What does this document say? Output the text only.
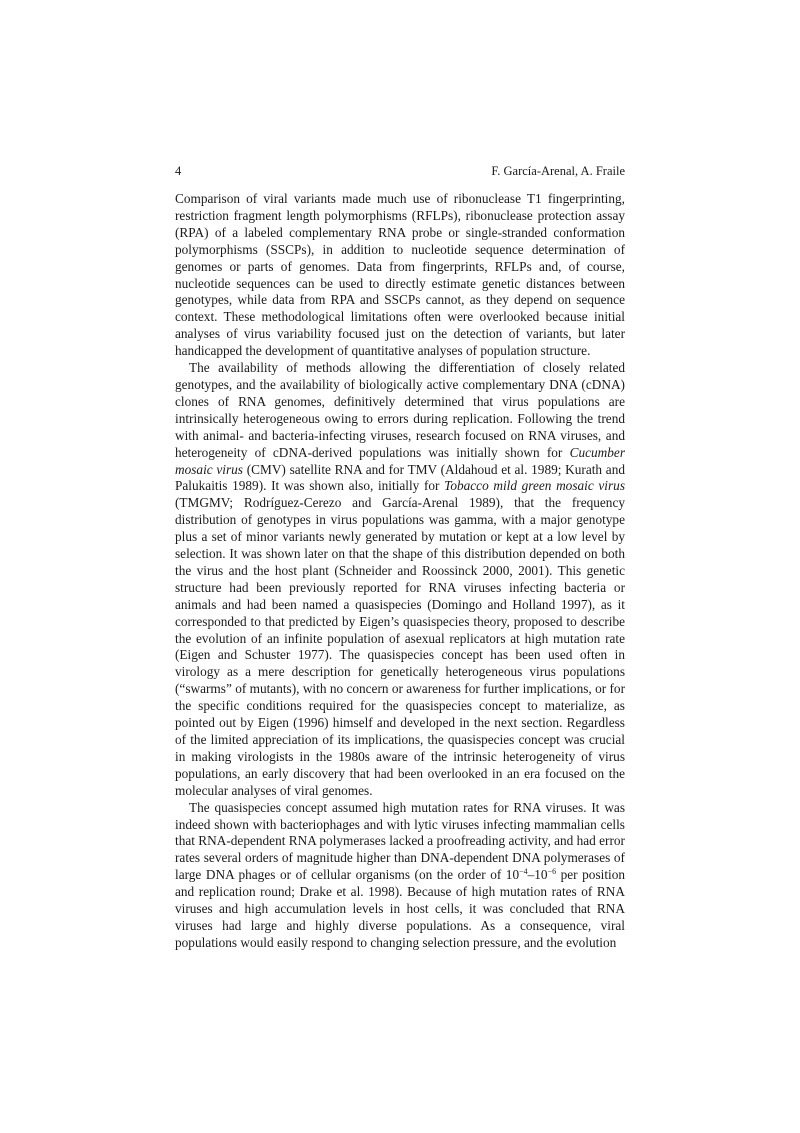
4	F. García-Arenal, A. Fraile

Comparison of viral variants made much use of ribonuclease T1 fingerprinting, restriction fragment length polymorphisms (RFLPs), ribonuclease protection assay (RPA) of a labeled complementary RNA probe or single-stranded conformation polymorphisms (SSCPs), in addition to nucleotide sequence determination of genomes or parts of genomes. Data from fingerprints, RFLPs and, of course, nucleotide sequences can be used to directly estimate genetic distances between genotypes, while data from RPA and SSCPs cannot, as they depend on sequence context. These methodological limitations often were overlooked because initial analyses of virus variability focused just on the detection of variants, but later handicapped the development of quantitative analyses of population structure.

The availability of methods allowing the differentiation of closely related genotypes, and the availability of biologically active complementary DNA (cDNA) clones of RNA genomes, definitively determined that virus populations are intrinsically heterogeneous owing to errors during replication. Following the trend with animal- and bacteria-infecting viruses, research focused on RNA viruses, and heterogeneity of cDNA-derived populations was initially shown for Cucumber mosaic virus (CMV) satellite RNA and for TMV (Aldahoud et al. 1989; Kurath and Palukaitis 1989). It was shown also, initially for Tobacco mild green mosaic virus (TMGMV; Rodríguez-Cerezo and García-Arenal 1989), that the frequency distribution of genotypes in virus populations was gamma, with a major genotype plus a set of minor variants newly generated by mutation or kept at a low level by selection. It was shown later on that the shape of this distribution depended on both the virus and the host plant (Schneider and Roossinck 2000, 2001). This genetic structure had been previously reported for RNA viruses infecting bacteria or animals and had been named a quasispecies (Domingo and Holland 1997), as it corresponded to that predicted by Eigen’s quasispecies theory, proposed to describe the evolution of an infinite population of asexual replicators at high mutation rate (Eigen and Schuster 1977). The quasispecies concept has been used often in virology as a mere description for genetically heterogeneous virus populations (“swarms” of mutants), with no concern or awareness for further implications, or for the specific conditions required for the quasispecies concept to materialize, as pointed out by Eigen (1996) himself and developed in the next section. Regardless of the limited appreciation of its implications, the quasispecies concept was crucial in making virologists in the 1980s aware of the intrinsic heterogeneity of virus populations, an early discovery that had been overlooked in an era focused on the molecular analyses of viral genomes.

The quasispecies concept assumed high mutation rates for RNA viruses. It was indeed shown with bacteriophages and with lytic viruses infecting mammalian cells that RNA-dependent RNA polymerases lacked a proofreading activity, and had error rates several orders of magnitude higher than DNA-dependent DNA polymerases of large DNA phages or of cellular organisms (on the order of $10^{-4}-10^{-6}$ per position and replication round; Drake et al. 1998). Because of high mutation rates of RNA viruses and high accumulation levels in host cells, it was concluded that RNA viruses had large and highly diverse populations. As a consequence, viral populations would easily respond to changing selection pressure, and the evolution
